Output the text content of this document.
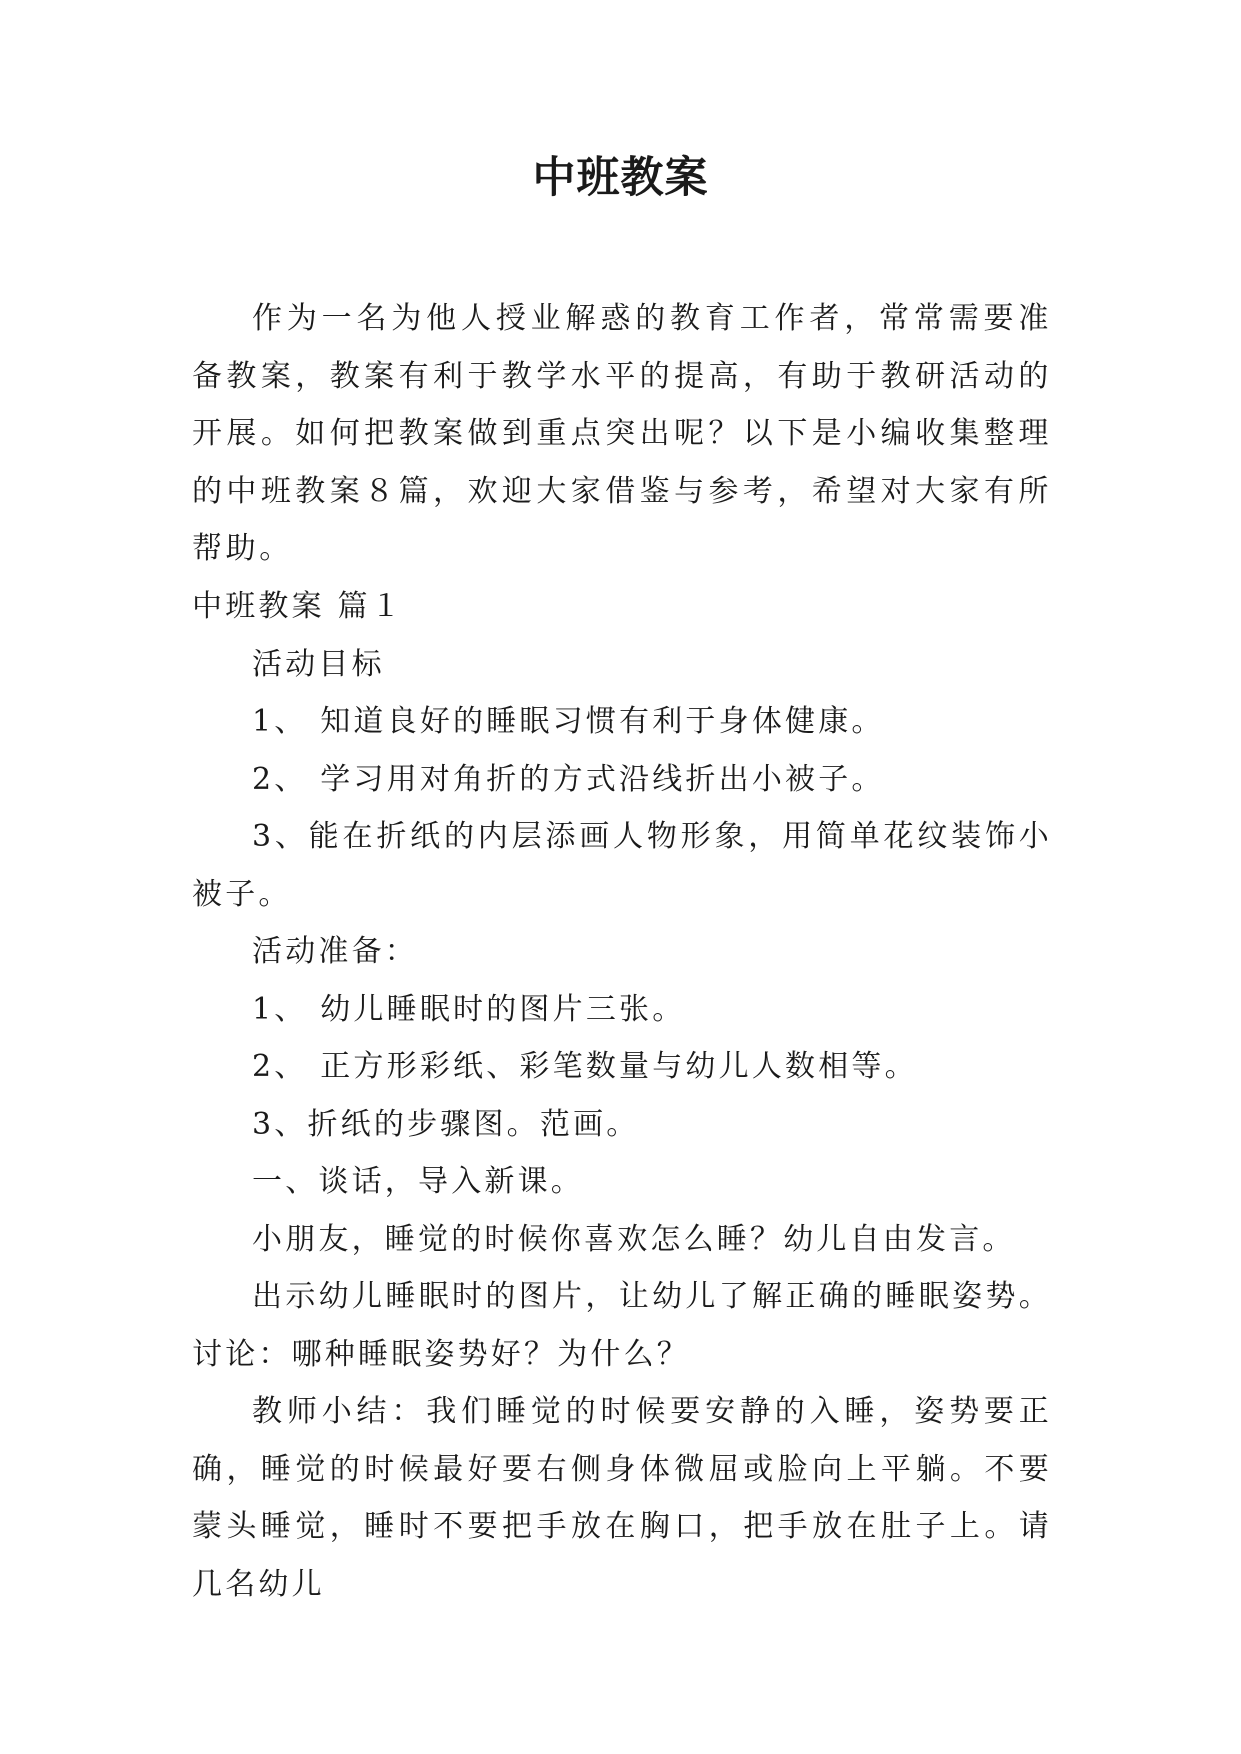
中班教案

作为一名为他人授业解惑的教育工作者，常常需要准备教案，教案有利于教学水平的提高，有助于教研活动的开展。如何把教案做到重点突出呢？以下是小编收集整理的中班教案８篇，欢迎大家借鉴与参考，希望对大家有所帮助。

中班教案 篇１

活动目标

1、 知道良好的睡眠习惯有利于身体健康。

2、 学习用对角折的方式沿线折出小被子。

3、能在折纸的内层添画人物形象，用简单花纹装饰小被子。

活动准备：

1、 幼儿睡眠时的图片三张。

2、 正方形彩纸、彩笔数量与幼儿人数相等。

3、折纸的步骤图。范画。

一、谈话，导入新课。

小朋友，睡觉的时候你喜欢怎么睡？幼儿自由发言。

出示幼儿睡眠时的图片，让幼儿了解正确的睡眠姿势。讨论：哪种睡眠姿势好？为什么？

教师小结：我们睡觉的时候要安静的入睡，姿势要正确，睡觉的时候最好要右侧身体微屈或脸向上平躺。不要蒙头睡觉，睡时不要把手放在胸口，把手放在肚子上。请几名幼儿
